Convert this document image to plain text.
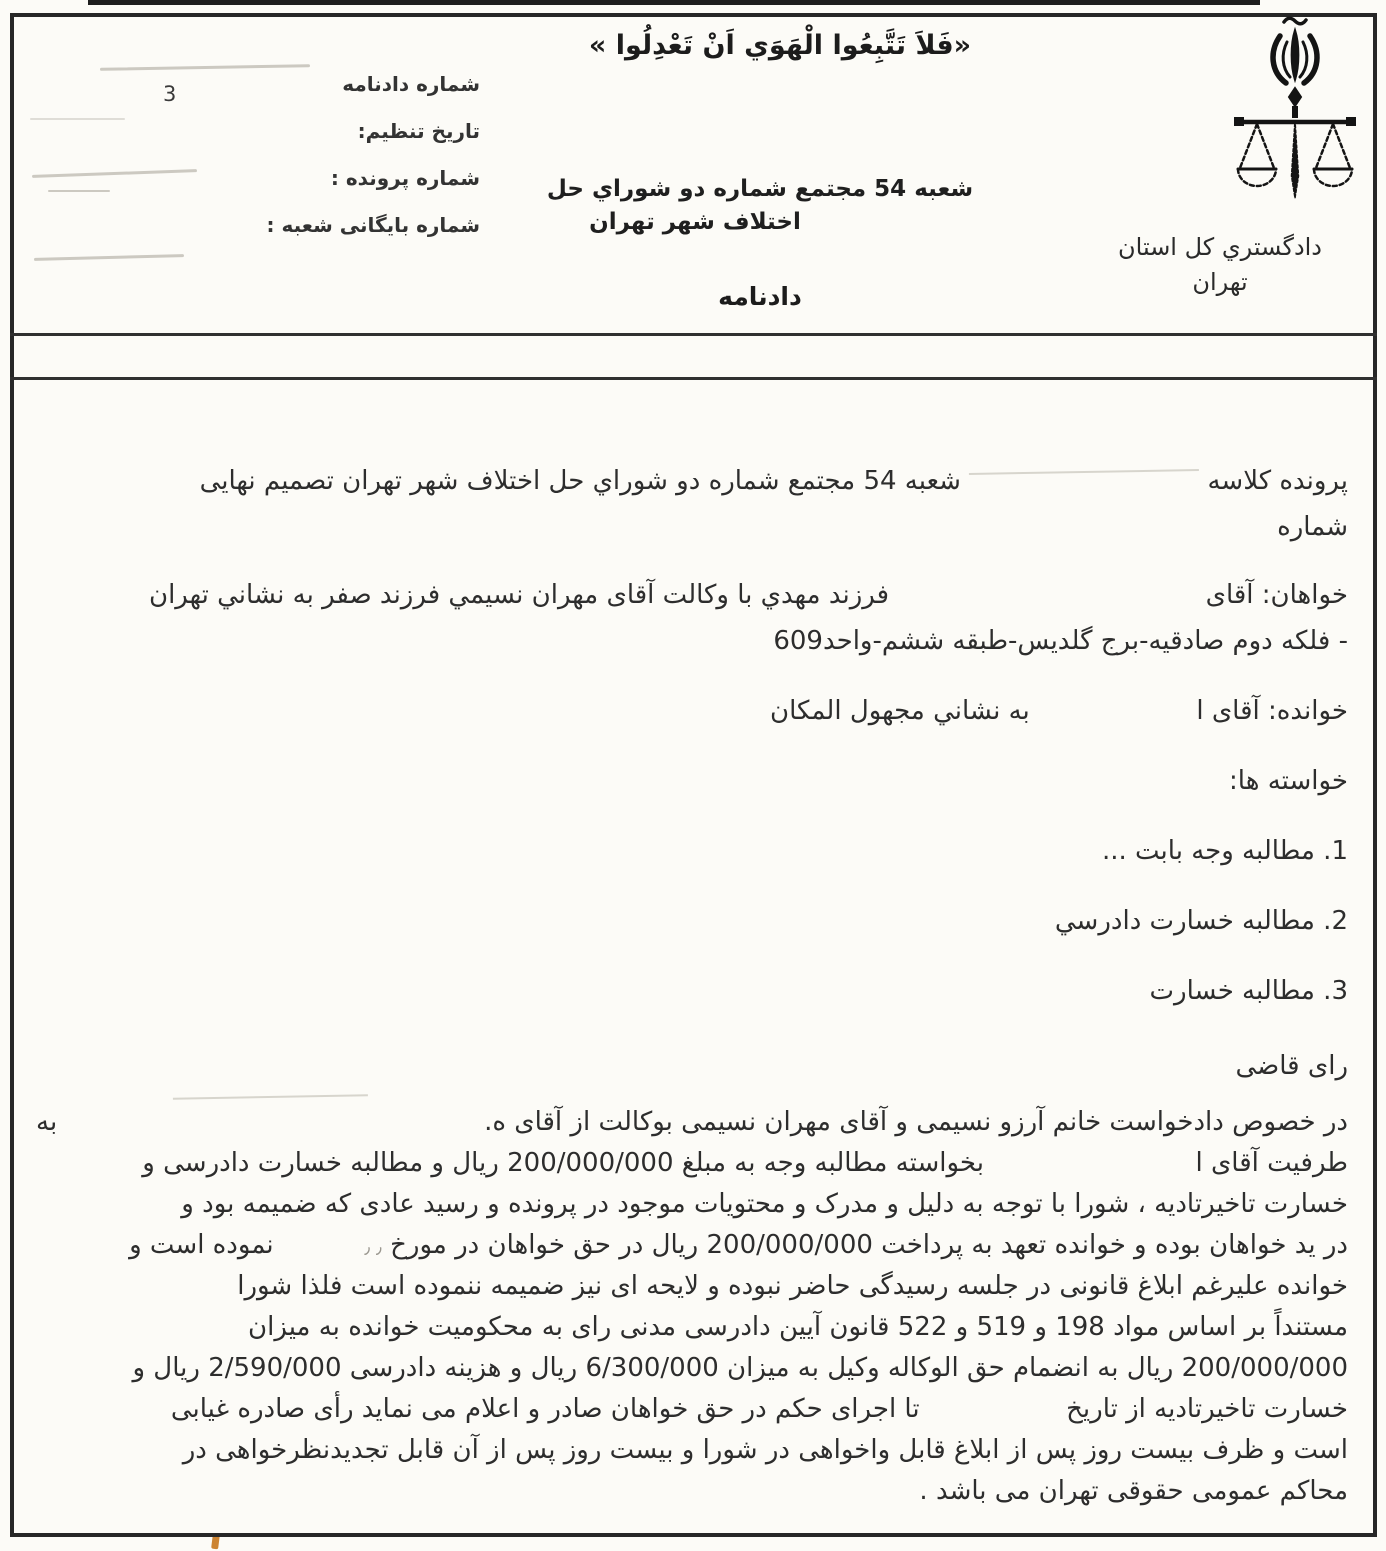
«فَلاَ تَتَّبِعُوا الْهَوَي اَنْ تَعْدِلُوا »
شماره دادنامه
تاریخ تنظیم:
شماره پرونده :
شماره بایگانی شعبه :
3
شعبه 54 مجتمع شماره دو شوراي حل
اختلاف شهر تهران
دادنامه
دادگستري کل استان
تهران
پرونده کلاسه  شعبه 54 مجتمع شماره دو شوراي حل اختلاف شهر تهران تصمیم نهایی
شماره
خواهان: آقای  فرزند مهدي با وکالت آقای مهران نسیمي فرزند صفر به نشاني تهران
- فلکه دوم صادقیه-برج گلدیس-طبقه ششم-واحد609
خوانده: آقای ا  به نشاني مجهول المکان
خواسته ها:
1. مطالبه وجه بابت ...
2. مطالبه خسارت دادرسي
3. مطالبه خسارت
رای قاضی
در خصوص دادخواست خانم آرزو نسیمی و آقای مهران نسیمی بوکالت از آقای ه.
به
طرفیت آقای ا  بخواسته مطالبه وجه به مبلغ 200/000/000 ریال و مطالبه خسارت دادرسی و
خسارت تاخیرتادیه ، شورا با توجه به دلیل و مدرک و محتویات موجود در پرونده و رسید عادی که ضمیمه بود و
در ید خواهان بوده و خوانده تعهد به پرداخت 200/000/000 ریال در حق خواهان در مورخ ٫ ٫ نموده است و
خوانده علیرغم ابلاغ قانونی در جلسه رسیدگی حاضر نبوده و لایحه ای نیز ضمیمه ننموده است فلذا شورا
مستنداً بر اساس مواد 198 و 519 و 522 قانون آیین دادرسی مدنی رای به محکومیت خوانده به میزان
200/000/000 ریال به انضمام حق الوکاله وکیل به میزان 6/300/000 ریال و هزینه دادرسی 2/590/000 ریال و
خسارت تاخیرتادیه از تاریخ  تا اجرای حکم در حق خواهان صادر و اعلام می نماید رأی صادره غیابی
است و ظرف بیست روز پس از ابلاغ قابل واخواهی در شورا و بیست روز پس از آن قابل تجدیدنظرخواهی در
محاکم عمومی حقوقی تهران می باشد .
